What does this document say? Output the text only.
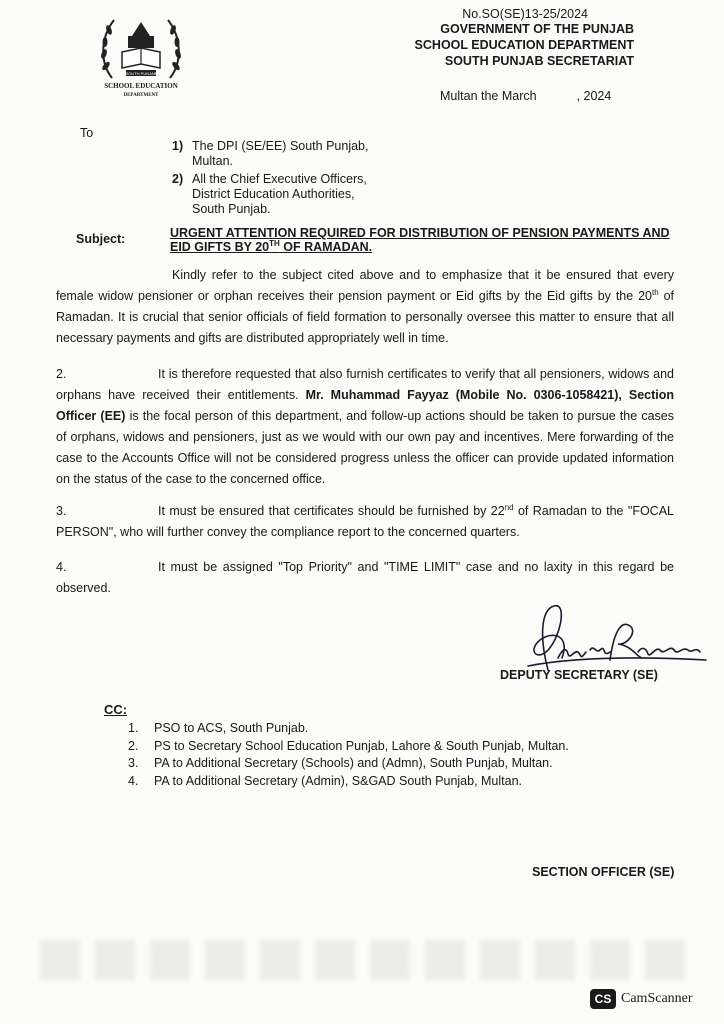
SOUTH PUNJAB
SCHOOL EDUCATION
DEPARTMENT
No.SO(SE)13-25/2024
GOVERNMENT OF THE PUNJAB
SCHOOL EDUCATION DEPARTMENT
SOUTH PUNJAB SECRETARIAT
Multan the March	, 2024
To
1) The DPI (SE/EE) South Punjab,
Multan.
2) All the Chief Executive Officers,
District Education Authorities,
South Punjab.
Subject:	URGENT ATTENTION REQUIRED FOR DISTRIBUTION OF PENSION PAYMENTS AND EID GIFTS BY 20TH OF RAMADAN.
Kindly refer to the subject cited above and to emphasize that it be ensured that every female widow pensioner or orphan receives their pension payment or Eid gifts by the Eid gifts by the 20th of Ramadan. It is crucial that senior officials of field formation to personally oversee this matter to ensure that all necessary payments and gifts are distributed appropriately well in time.
2.	It is therefore requested that also furnish certificates to verify that all pensioners, widows and orphans have received their entitlements. Mr. Muhammad Fayyaz (Mobile No. 0306-1058421), Section Officer (EE) is the focal person of this department, and follow-up actions should be taken to pursue the cases of orphans, widows and pensioners, just as we would with our own pay and incentives. Mere forwarding of the case to the Accounts Office will not be considered progress unless the officer can provide updated information on the status of the case to the concerned office.
3.	It must be ensured that certificates should be furnished by 22nd of Ramadan to the "FOCAL PERSON", who will further convey the compliance report to the concerned quarters.
4.	It must be assigned "Top Priority" and "TIME LIMIT" case and no laxity in this regard be observed.
DEPUTY SECRETARY (SE)
CC:
1. PSO to ACS, South Punjab.
2. PS to Secretary School Education Punjab, Lahore & South Punjab, Multan.
3. PA to Additional Secretary (Schools) and (Admn), South Punjab, Multan.
4. PA to Additional Secretary (Admin), S&GAD South Punjab, Multan.
SECTION OFFICER (SE)
CS CamScanner
